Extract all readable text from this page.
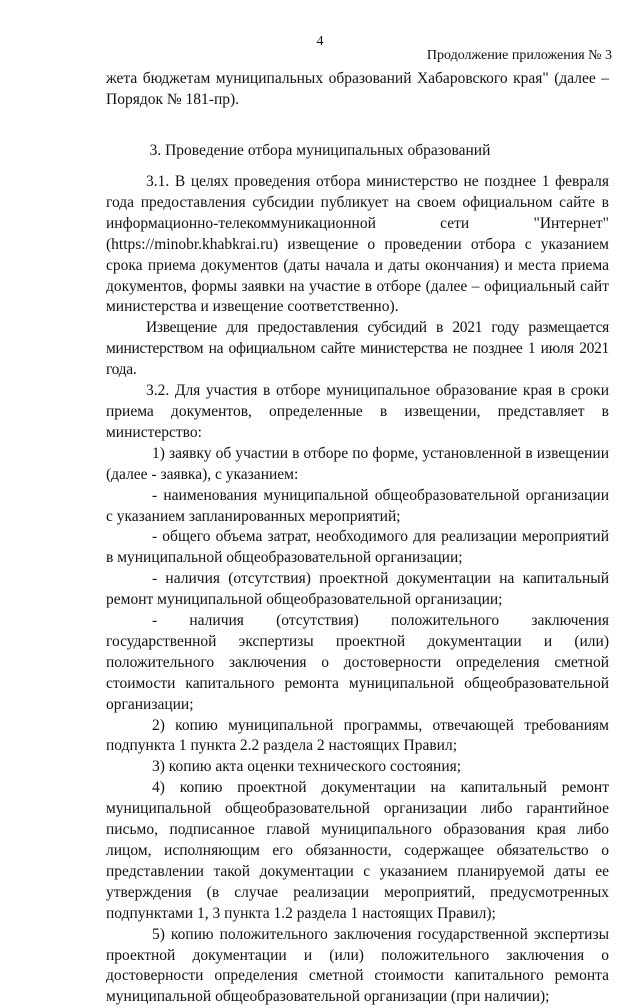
4
Продолжение приложения № 3

жета бюджетам муниципальных образований Хабаровского края" (далее –

Порядок № 181-пр).

3. Проведение отбора муниципальных образований

3.1. В целях проведения отбора министерство не позднее 1 февраля года предоставления субсидии публикует на своем официальном сайте в информационно-телекоммуникационной сети "Интернет" (https://minobr.khabkrai.ru) извещение о проведении отбора с указанием срока приема документов (даты начала и даты окончания) и места приема документов, формы заявки на участие в отборе (далее – официальный сайт министерства и извещение соответственно).

Извещение для предоставления субсидий в 2021 году размещается министерством на официальном сайте министерства не позднее 1 июля 2021 года.

3.2. Для участия в отборе муниципальное образование края в сроки приема документов, определенные в извещении, представляет в министерство:

1) заявку об участии в отборе по форме, установленной в извещении (далее - заявка), с указанием:

- наименования муниципальной общеобразовательной организации с указанием запланированных мероприятий;

- общего объема затрат, необходимого для реализации мероприятий в муниципальной общеобразовательной организации;

- наличия (отсутствия) проектной документации на капитальный ремонт муниципальной общеобразовательной организации;

- наличия (отсутствия) положительного заключения государственной экспертизы проектной документации и (или) положительного заключения о достоверности определения сметной стоимости капитального ремонта муниципальной общеобразовательной организации;

2) копию муниципальной программы, отвечающей требованиям подпункта 1 пункта 2.2 раздела 2 настоящих Правил;

3) копию акта оценки технического состояния;

4) копию проектной документации на капитальный ремонт муниципальной общеобразовательной организации либо гарантийное письмо, подписанное главой муниципального образования края либо лицом, исполняющим его обязанности, содержащее обязательство о представлении такой документации с указанием планируемой даты ее утверждения (в случае реализации мероприятий, предусмотренных подпунктами 1, 3 пункта 1.2 раздела 1 настоящих Правил);

5) копию положительного заключения государственной экспертизы проектной документации и (или) положительного заключения о достоверности определения сметной стоимости капитального ремонта муниципальной общеобразовательной организации (при наличии);
